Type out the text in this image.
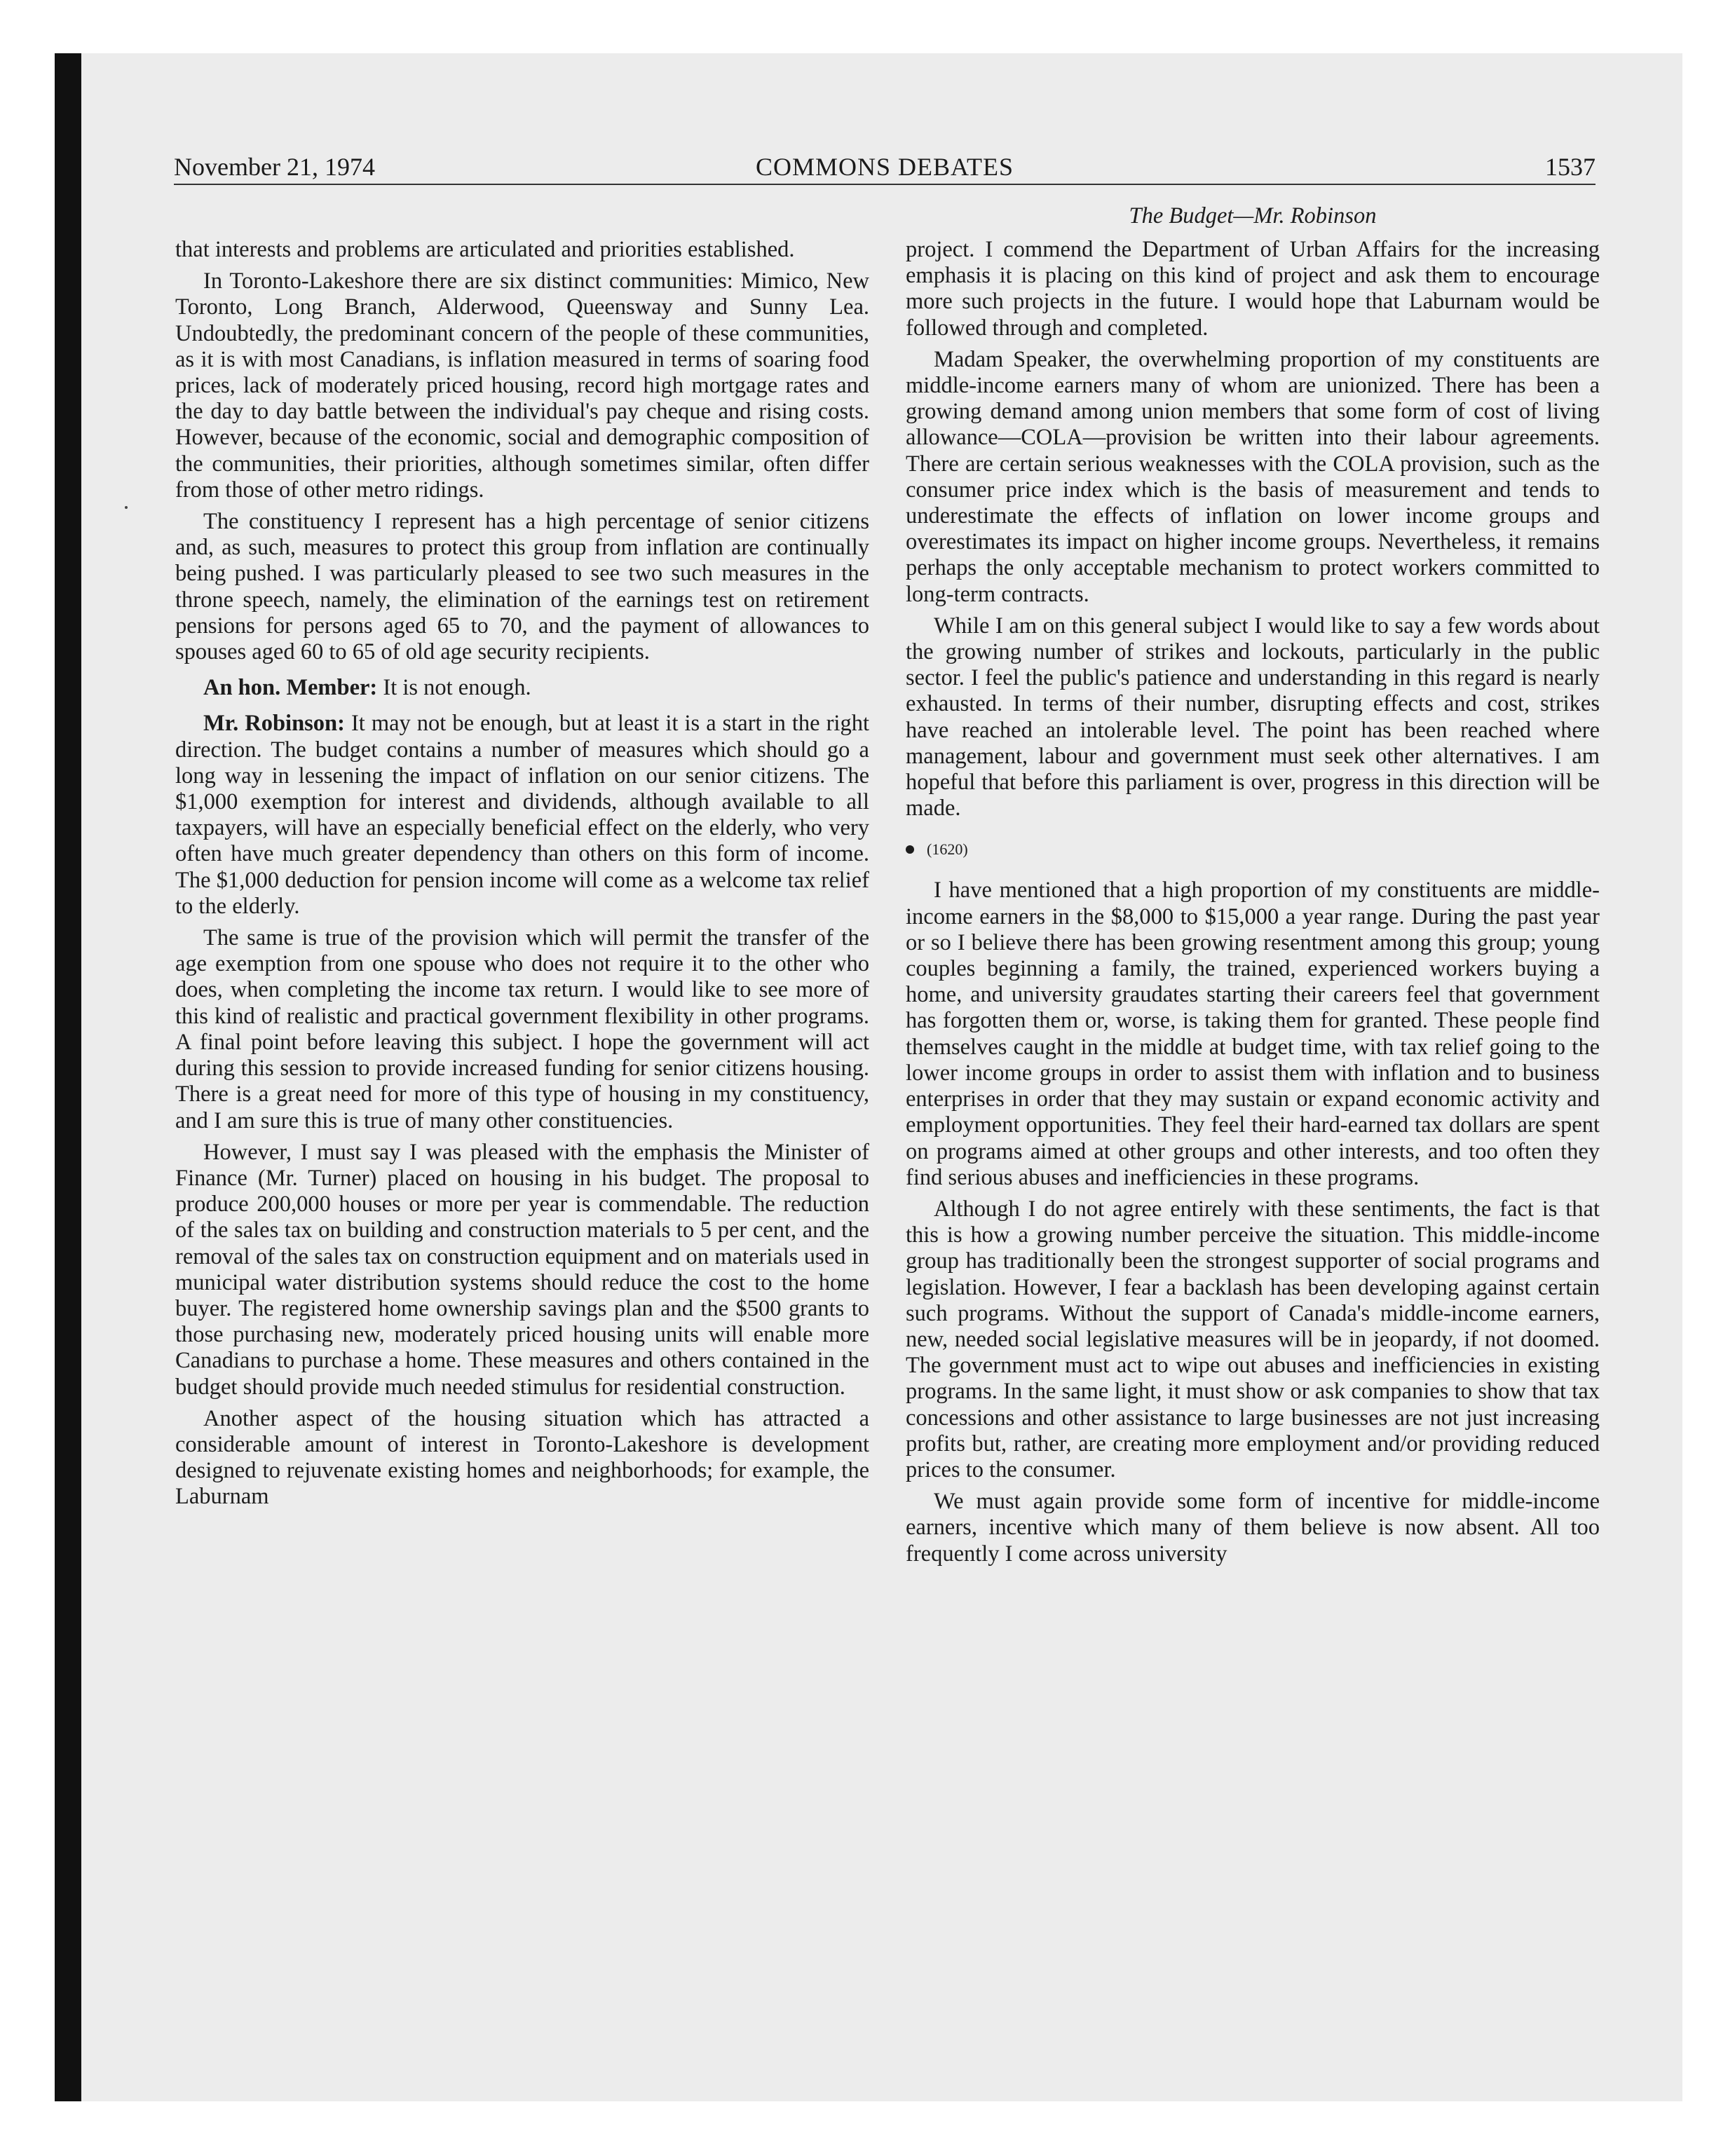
November 21, 1974	COMMONS DEBATES	1537
The Budget—Mr. Robinson

that interests and problems are articulated and priorities established.

In Toronto-Lakeshore there are six distinct communities: Mimico, New Toronto, Long Branch, Alderwood, Queensway and Sunny Lea. Undoubtedly, the predominant concern of the people of these communities, as it is with most Canadians, is inflation measured in terms of soaring food prices, lack of moderately priced housing, record high mortgage rates and the day to day battle between the individual's pay cheque and rising costs. However, because of the economic, social and demographic composition of the communities, their priorities, although sometimes similar, often differ from those of other metro ridings.

The constituency I represent has a high percentage of senior citizens and, as such, measures to protect this group from inflation are continually being pushed. I was particularly pleased to see two such measures in the throne speech, namely, the elimination of the earnings test on retirement pensions for persons aged 65 to 70, and the payment of allowances to spouses aged 60 to 65 of old age security recipients.

An hon. Member: It is not enough.

Mr. Robinson: It may not be enough, but at least it is a start in the right direction. The budget contains a number of measures which should go a long way in lessening the impact of inflation on our senior citizens. The $1,000 exemption for interest and dividends, although available to all taxpayers, will have an especially beneficial effect on the elderly, who very often have much greater dependency than others on this form of income. The $1,000 deduction for pension income will come as a welcome tax relief to the elderly.

The same is true of the provision which will permit the transfer of the age exemption from one spouse who does not require it to the other who does, when completing the income tax return. I would like to see more of this kind of realistic and practical government flexibility in other programs. A final point before leaving this subject. I hope the government will act during this session to provide increased funding for senior citizens housing. There is a great need for more of this type of housing in my constituency, and I am sure this is true of many other constituencies.

However, I must say I was pleased with the emphasis the Minister of Finance (Mr. Turner) placed on housing in his budget. The proposal to produce 200,000 houses or more per year is commendable. The reduction of the sales tax on building and construction materials to 5 per cent, and the removal of the sales tax on construction equipment and on materials used in municipal water distribution systems should reduce the cost to the home buyer. The registered home ownership savings plan and the $500 grants to those purchasing new, moderately priced housing units will enable more Canadians to purchase a home. These measures and others contained in the budget should provide much needed stimulus for residential construction.

Another aspect of the housing situation which has attracted a considerable amount of interest in Toronto-Lakeshore is development designed to rejuvenate existing homes and neighborhoods; for example, the Laburnam

project. I commend the Department of Urban Affairs for the increasing emphasis it is placing on this kind of project and ask them to encourage more such projects in the future. I would hope that Laburnam would be followed through and completed.

Madam Speaker, the overwhelming proportion of my constituents are middle-income earners many of whom are unionized. There has been a growing demand among union members that some form of cost of living allowance—COLA—provision be written into their labour agreements. There are certain serious weaknesses with the COLA provision, such as the consumer price index which is the basis of measurement and tends to underestimate the effects of inflation on lower income groups and overestimates its impact on higher income groups. Nevertheless, it remains perhaps the only acceptable mechanism to protect workers committed to long-term contracts.

While I am on this general subject I would like to say a few words about the growing number of strikes and lockouts, particularly in the public sector. I feel the public's patience and understanding in this regard is nearly exhausted. In terms of their number, disrupting effects and cost, strikes have reached an intolerable level. The point has been reached where management, labour and government must seek other alternatives. I am hopeful that before this parliament is over, progress in this direction will be made.

(1620)

I have mentioned that a high proportion of my constituents are middle-income earners in the $8,000 to $15,000 a year range. During the past year or so I believe there has been growing resentment among this group; young couples beginning a family, the trained, experienced workers buying a home, and university graudates starting their careers feel that government has forgotten them or, worse, is taking them for granted. These people find themselves caught in the middle at budget time, with tax relief going to the lower income groups in order to assist them with inflation and to business enterprises in order that they may sustain or expand economic activity and employment opportunities. They feel their hard-earned tax dollars are spent on programs aimed at other groups and other interests, and too often they find serious abuses and inefficiencies in these programs.

Although I do not agree entirely with these sentiments, the fact is that this is how a growing number perceive the situation. This middle-income group has traditionally been the strongest supporter of social programs and legislation. However, I fear a backlash has been developing against certain such programs. Without the support of Canada's middle-income earners, new, needed social legislative measures will be in jeopardy, if not doomed. The government must act to wipe out abuses and inefficiencies in existing programs. In the same light, it must show or ask companies to show that tax concessions and other assistance to large businesses are not just increasing profits but, rather, are creating more employment and/or providing reduced prices to the consumer.

We must again provide some form of incentive for middle-income earners, incentive which many of them believe is now absent. All too frequently I come across university
